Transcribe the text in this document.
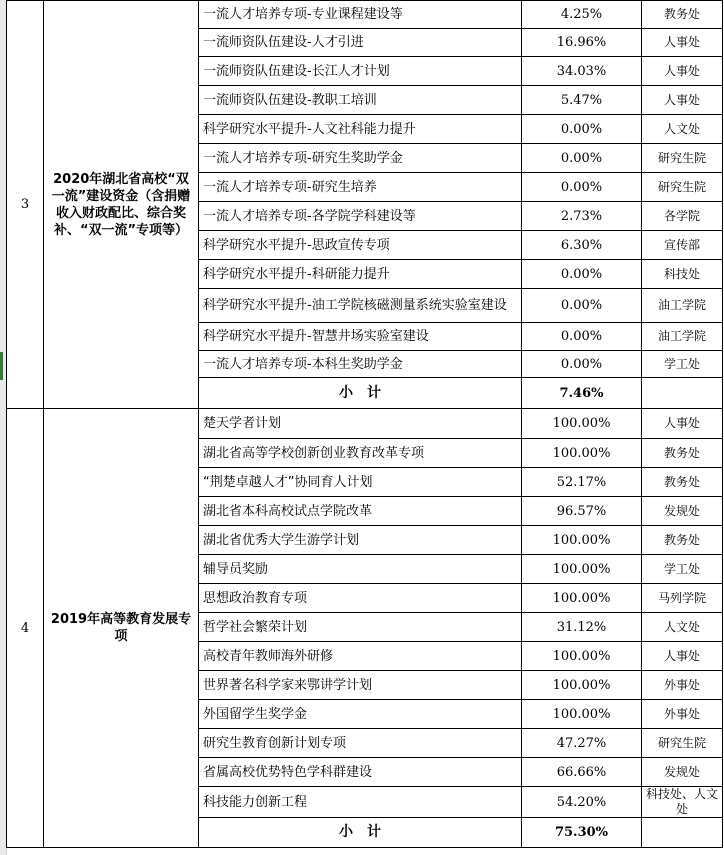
3	2020年湖北省高校“双一流”建设资金（含捐赠收入财政配比、综合奖补、“双一流”专项等）	一流人才培养专项-专业课程建设等	4.25%	教务处
		一流师资队伍建设-人才引进	16.96%	人事处
		一流师资队伍建设-长江人才计划	34.03%	人事处
		一流师资队伍建设-教职工培训	5.47%	人事处
		科学研究水平提升-人文社科能力提升	0.00%	人文处
		一流人才培养专项-研究生奖助学金	0.00%	研究生院
		一流人才培养专项-研究生培养	0.00%	研究生院
		一流人才培养专项-各学院学科建设等	2.73%	各学院
		科学研究水平提升-思政宣传专项	6.30%	宣传部
		科学研究水平提升-科研能力提升	0.00%	科技处
		科学研究水平提升-油工学院核磁测量系统实验室建设	0.00%	油工学院
		科学研究水平提升-智慧井场实验室建设	0.00%	油工学院
		一流人才培养专项-本科生奖助学金	0.00%	学工处
		小计	7.46%	
4	2019年高等教育发展专项	楚天学者计划	100.00%	人事处
		湖北省高等学校创新创业教育改革专项	100.00%	教务处
		“荆楚卓越人才”协同育人计划	52.17%	教务处
		湖北省本科高校试点学院改革	96.57%	发规处
		湖北省优秀大学生游学计划	100.00%	教务处
		辅导员奖励	100.00%	学工处
		思想政治教育专项	100.00%	马列学院
		哲学社会繁荣计划	31.12%	人文处
		高校青年教师海外研修	100.00%	人事处
		世界著名科学家来鄂讲学计划	100.00%	外事处
		外国留学生奖学金	100.00%	外事处
		研究生教育创新计划专项	47.27%	研究生院
		省属高校优势特色学科群建设	66.66%	发规处
		科技能力创新工程	54.20%	科技处、人文处
		小计	75.30%	
